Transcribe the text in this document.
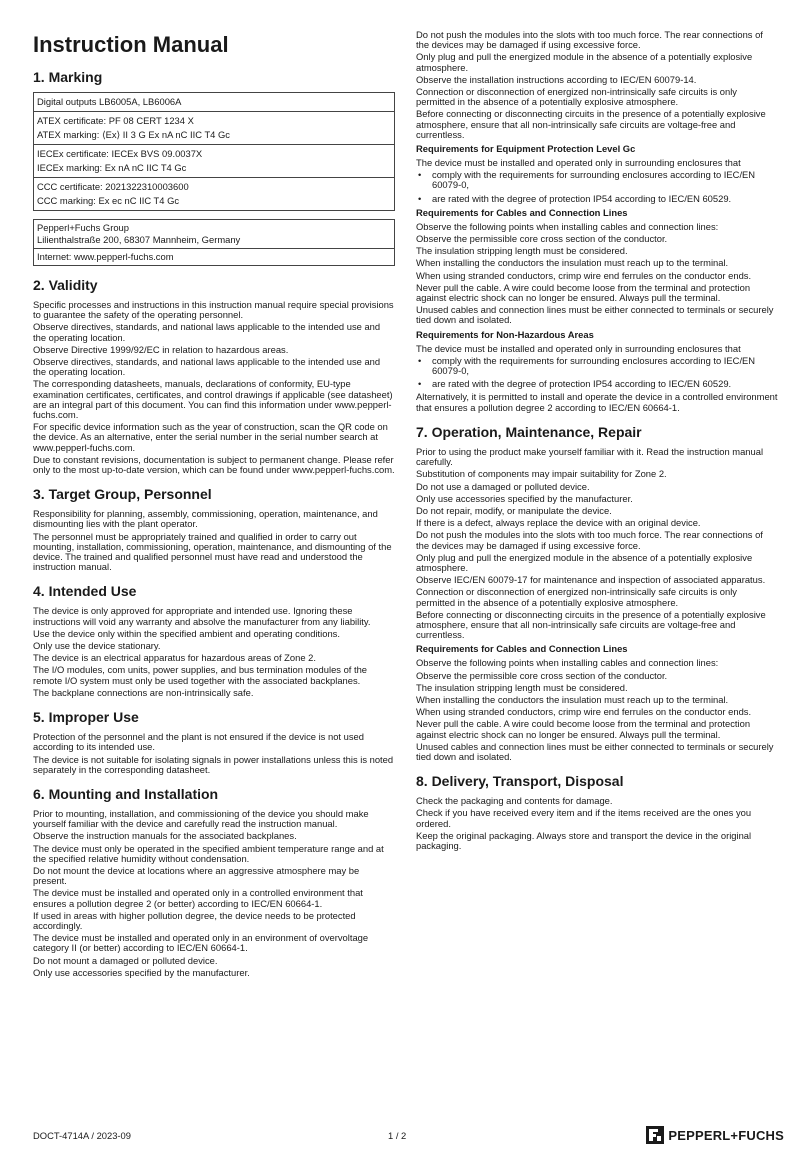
Instruction Manual
1. Marking
Digital outputs LB6005A, LB6006A

ATEX certificate: PF 08 CERT 1234 X
ATEX marking: ⟨Ex⟩ II 3 G Ex nA nC IIC T4 Gc

IECEx certificate: IECEx BVS 09.0037X
IECEx marking: Ex nA nC IIC T4 Gc

CCC certificate: 2021322310003600
CCC marking: Ex ec nC IIC T4 Gc
Pepperl+Fuchs Group
Lilienthalstraße 200, 68307 Mannheim, Germany

Internet: www.pepperl-fuchs.com
2. Validity

Specific processes and instructions in this instruction manual require special provisions to guarantee the safety of the operating personnel.

Observe directives, standards, and national laws applicable to the intended use and the operating location.

Observe Directive 1999/92/EC in relation to hazardous areas.

Observe directives, standards, and national laws applicable to the intended use and the operating location.

The corresponding datasheets, manuals, declarations of conformity, EU-type examination certificates, certificates, and control drawings if applicable (see datasheet) are an integral part of this document. You can find this information under www.pepperl-fuchs.com.

For specific device information such as the year of construction, scan the QR code on the device. As an alternative, enter the serial number in the serial number search at www.pepperl-fuchs.com.

Due to constant revisions, documentation is subject to permanent change. Please refer only to the most up-to-date version, which can be found under www.pepperl-fuchs.com.

3. Target Group, Personnel

Responsibility for planning, assembly, commissioning, operation, maintenance, and dismounting lies with the plant operator.

The personnel must be appropriately trained and qualified in order to carry out mounting, installation, commissioning, operation, maintenance, and dismounting of the device. The trained and qualified personnel must have read and understood the instruction manual.

4. Intended Use

The device is only approved for appropriate and intended use. Ignoring these instructions will void any warranty and absolve the manufacturer from any liability.

Use the device only within the specified ambient and operating conditions.

Only use the device stationary.

The device is an electrical apparatus for hazardous areas of Zone 2.

The I/O modules, com units, power supplies, and bus termination modules of the remote I/O system must only be used together with the associated backplanes.

The backplane connections are non-intrinsically safe.

5. Improper Use

Protection of the personnel and the plant is not ensured if the device is not used according to its intended use.

The device is not suitable for isolating signals in power installations unless this is noted separately in the corresponding datasheet.

6. Mounting and Installation

Prior to mounting, installation, and commissioning of the device you should make yourself familiar with the device and carefully read the instruction manual.

Observe the instruction manuals for the associated backplanes.

The device must only be operated in the specified ambient temperature range and at the specified relative humidity without condensation.

Do not mount the device at locations where an aggressive atmosphere may be present.

The device must be installed and operated only in a controlled environment that ensures a pollution degree 2 (or better) according to IEC/EN 60664-1.

If used in areas with higher pollution degree, the device needs to be protected accordingly.

The device must be installed and operated only in an environment of overvoltage category II (or better) according to IEC/EN 60664-1.

Do not mount a damaged or polluted device.

Only use accessories specified by the manufacturer.

Do not push the modules into the slots with too much force. The rear connections of the devices may be damaged if using excessive force.

Only plug and pull the energized module in the absence of a potentially explosive atmosphere.

Observe the installation instructions according to IEC/EN 60079-14.

Connection or disconnection of energized non-intrinsically safe circuits is only permitted in the absence of a potentially explosive atmosphere.

Before connecting or disconnecting circuits in the presence of a potentially explosive atmosphere, ensure that all non-intrinsically safe circuits are voltage-free and currentless.

Requirements for Equipment Protection Level Gc

The device must be installed and operated only in surrounding enclosures that

• comply with the requirements for surrounding enclosures according to IEC/EN 60079-0,
• are rated with the degree of protection IP54 according to IEC/EN 60529.
Requirements for Cables and Connection Lines

Observe the following points when installing cables and connection lines:

Observe the permissible core cross section of the conductor.

The insulation stripping length must be considered.

When installing the conductors the insulation must reach up to the terminal.

When using stranded conductors, crimp wire end ferrules on the conductor ends.

Never pull the cable. A wire could become loose from the terminal and protection against electric shock can no longer be ensured. Always pull the terminal.

Unused cables and connection lines must be either connected to terminals or securely tied down and isolated.

Requirements for Non-Hazardous Areas

The device must be installed and operated only in surrounding enclosures that

• comply with the requirements for surrounding enclosures according to IEC/EN 60079-0,
• are rated with the degree of protection IP54 according to IEC/EN 60529.

Alternatively, it is permitted to install and operate the device in a controlled environment that ensures a pollution degree 2 according to IEC/EN 60664-1.

7. Operation, Maintenance, Repair

Prior to using the product make yourself familiar with it. Read the instruction manual carefully.

Substitution of components may impair suitability for Zone 2.

Do not use a damaged or polluted device.

Only use accessories specified by the manufacturer.

Do not repair, modify, or manipulate the device.

If there is a defect, always replace the device with an original device.

Do not push the modules into the slots with too much force. The rear connections of the devices may be damaged if using excessive force.

Only plug and pull the energized module in the absence of a potentially explosive atmosphere.

Observe IEC/EN 60079-17 for maintenance and inspection of associated apparatus.

Connection or disconnection of energized non-intrinsically safe circuits is only permitted in the absence of a potentially explosive atmosphere.

Before connecting or disconnecting circuits in the presence of a potentially explosive atmosphere, ensure that all non-intrinsically safe circuits are voltage-free and currentless.

Requirements for Cables and Connection Lines

Observe the following points when installing cables and connection lines:

Observe the permissible core cross section of the conductor.

The insulation stripping length must be considered.

When installing the conductors the insulation must reach up to the terminal.

When using stranded conductors, crimp wire end ferrules on the conductor ends.

Never pull the cable. A wire could become loose from the terminal and protection against electric shock can no longer be ensured. Always pull the terminal.

Unused cables and connection lines must be either connected to terminals or securely tied down and isolated.

8. Delivery, Transport, Disposal

Check the packaging and contents for damage.

Check if you have received every item and if the items received are the ones you ordered.

Keep the original packaging. Always store and transport the device in the original packaging.

DOCT-4714A / 2023-09	1 / 2	PEPPERL+FUCHS
